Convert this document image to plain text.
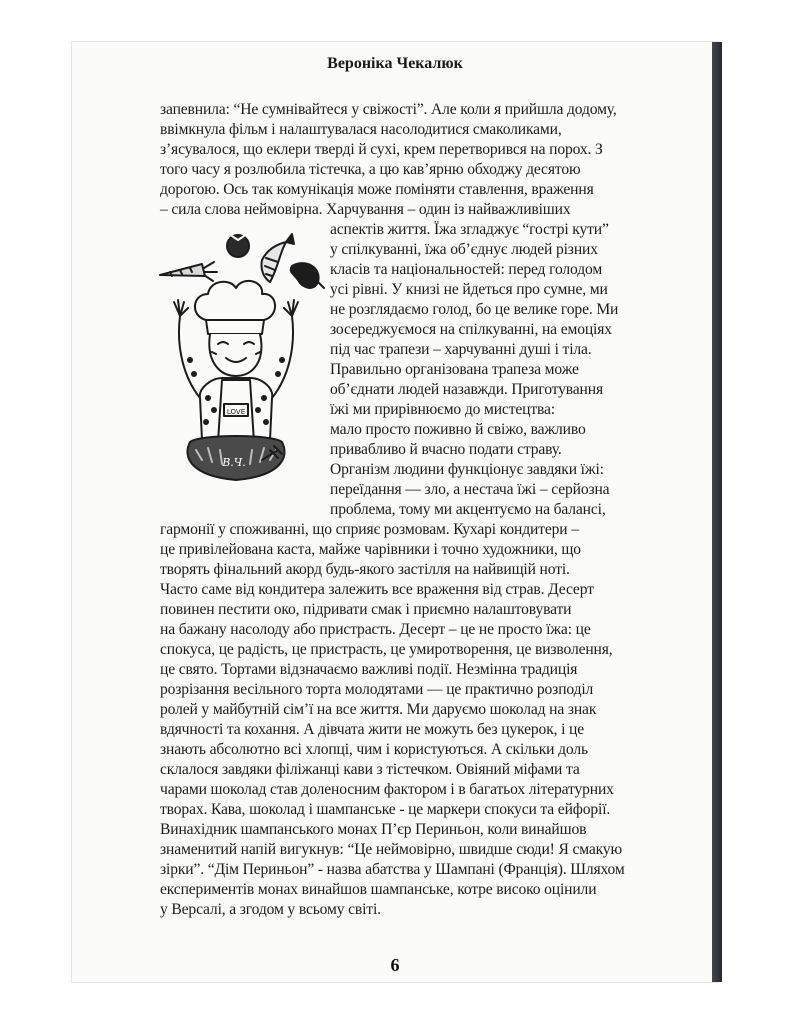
Вероніка Чекалюк
запевнила: “Не сумнівайтеся у свіжості”. Але коли я прийшла додому,
ввімкнула фільм і налаштувалася насолодитися смаколиками,
з’ясувалося, що еклери тверді й сухі, крем перетворився на порох. З
того часу я розлюбила тістечка, а цю кав’ярню обходжу десятою
дорогою. Ось так комунікація може поміняти ставлення, враження
– сила слова неймовірна. Харчування – один із найважливіших
аспектів життя. Їжа згладжує “гострі кути”
у спілкуванні, їжа об’єднує людей різних
класів та національностей: перед голодом
усі рівні. У книзі не йдеться про сумне, ми
не розглядаємо голод, бо це велике горе. Ми
зосереджуємося на спілкуванні, на емоціях
під час трапези – харчуванні душі і тіла.
Правильно організована трапеза може
об’єднати людей назавжди. Приготування
їжі ми прирівнюємо до мистецтва:
мало просто поживно й свіжо, важливо
привабливо й вчасно подати страву.
Організм людини функціонує завдяки їжі:
переїдання — зло, а нестача їжі – серйозна
проблема, тому ми акцентуємо на балансі,
гармонії у споживанні, що сприяє розмовам. Кухарі кондитери –
це привілейована каста, майже чарівники і точно художники, що
творять фінальний акорд будь-якого застілля на найвищій ноті.
Часто саме від кондитера залежить все враження від страв. Десерт
повинен пестити око, підривати смак і приємно налаштовувати
на бажану насолоду або пристрасть. Десерт – це не просто їжа: це
спокуса, це радість, це пристрасть, це умиротворення, це визволення,
це свято. Тортами відзначаємо важливі події. Незмінна традиція
розрізання весільного торта молодятами — це практично розподіл
ролей у майбутній сім’ї на все життя. Ми даруємо шоколад на знак
вдячності та кохання. А дівчата жити не можуть без цукерок, і це
знають абсолютно всі хлопці, чим і користуються. А скільки доль
склалося завдяки філіжанці кави з тістечком. Овіяний міфами та
чарами шоколад став доленосним фактором і в багатьох літературних
творах. Кава, шоколад і шампанське - це маркери спокуси та ейфорії.
Винахідник шампанського монах П’єр Периньон, коли винайшов
знаменитий напій вигукнув: “Це неймовірно, швидше сюди! Я смакую
зірки”. “Дім Периньон” - назва абатства у Шампані (Франція). Шляхом
експериментів монах винайшов шампанське, котре високо оцінили
у Версалі, а згодом у всьому світі.
LOVE
В.Ч.
6
